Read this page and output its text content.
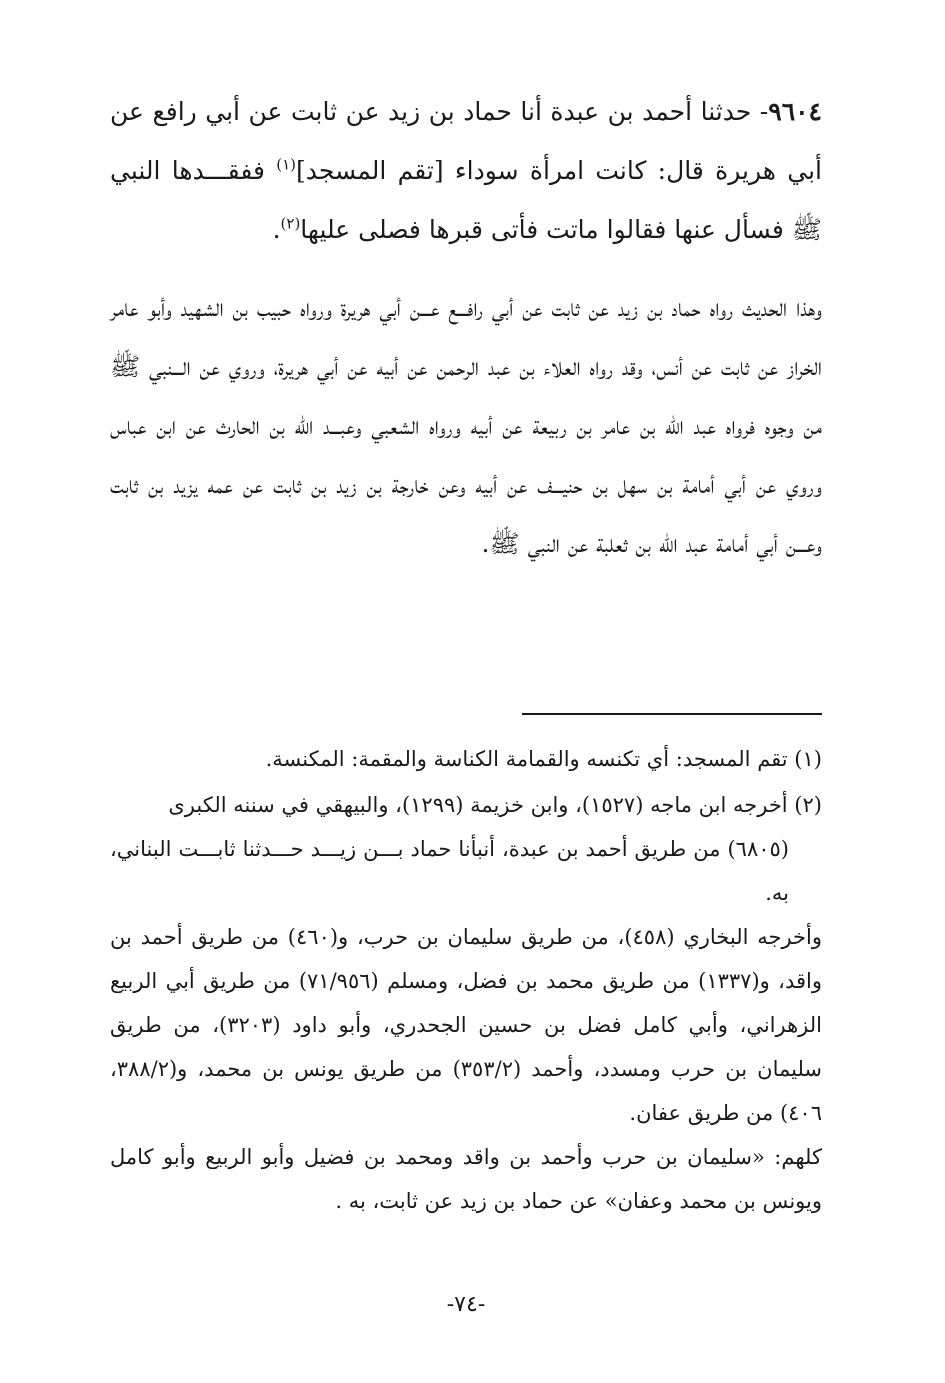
٩٦٠٤- حدثنا أحمد بن عبدة أنا حماد بن زيد عن ثابت عن أبي رافع عن أبي هريرة قال: كانت امرأة سوداء [تقم المسجد]$^{(١)}$ ففقـــدها النبي ﷺ فسأل عنها فقالوا ماتت فأتى قبرها فصلى عليها$^{(٢)}$.

وهذا الحديث رواه حماد بن زيد عن ثابت عن أبي رافـــع عـــن أبي هريرة ورواه حبيب بن الشهيد وأبو عامر الخراز عن ثابت عن أنس، وقد رواه العلاء بن عبد الرحمن عن أبيه عن أبي هريرة، وروي عن الـــنبي ﷺ من وجوه فرواه عبد الله بن عامر بن ربيعة عن أبيه ورواه الشعبي وعبـــد الله بن الحارث عن ابن عباس وروي عن أبي أمامة بن سهل بن حنيـــف عن أبيه وعن خارجة بن زيد بن ثابت عن عمه يزيد بن ثابت وعـــن أبي أمامة عبد الله بن ثعلبة عن النبي ﷺ.

(١) تقم المسجد: أي تكنسه والقمامة الكناسة والمقمة: المكنسة.

(٢) أخرجه ابن ماجه (١٥٢٧)، وابن خزيمة (١٢٩٩)، والبيهقي في سننه الكبرى

(٦٨٠٥) من طريق أحمد بن عبدة، أنبأنا حماد بـــن زيـــد حـــدثنا ثابـــت البناني، به.

وأخرجه البخاري (٤٥٨)، من طريق سليمان بن حرب، و(٤٦٠) من طريق أحمد بن واقد، و(١٣٣٧) من طريق محمد بن فضل، ومسلم (٧١/٩٥٦) من طريق أبي الربيع الزهراني، وأبي كامل فضل بن حسين الجحدري، وأبو داود (٣٢٠٣)، من طريق سليمان بن حرب ومسدد، وأحمد (٣٥٣/٢) من طريق يونس بن محمد، و(٣٨٨/٢، ٤٠٦) من طريق عفان.

كلهم: «سليمان بن حرب وأحمد بن واقد ومحمد بن فضيل وأبو الربيع وأبو كامل ويونس بن محمد وعفان» عن حماد بن زيد عن ثابت، به .

-٧٤-
